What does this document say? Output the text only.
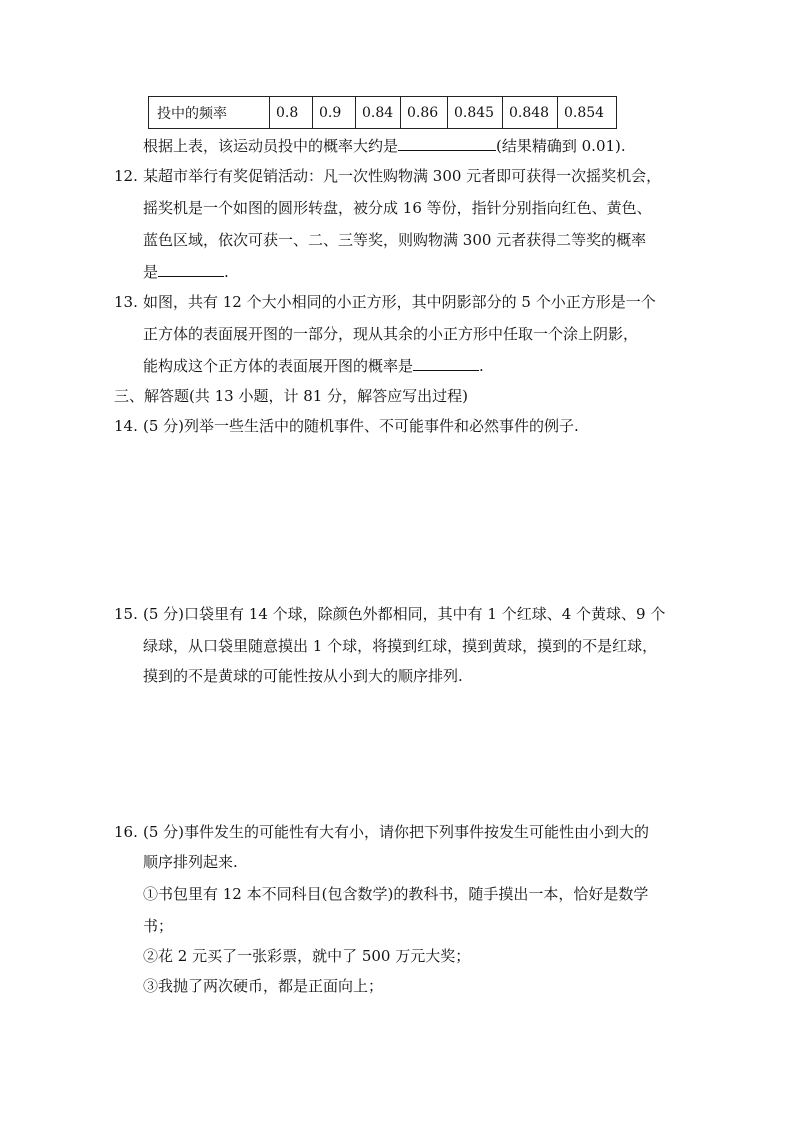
投中的频率	0.8	0.9	0.84	0.86	0.845	0.848	0.854
根据上表，该运动员投中的概率大约是	(结果精确到 0.01).
12. 某超市举行有奖促销活动：凡一次性购物满 300 元者即可获得一次摇奖机会，
摇奖机是一个如图的圆形转盘，被分成 16 等份，指针分别指向红色、黄色、
蓝色区域，依次可获一、二、三等奖，则购物满 300 元者获得二等奖的概率
是	.
13. 如图，共有 12 个大小相同的小正方形，其中阴影部分的 5 个小正方形是一个
正方体的表面展开图的一部分，现从其余的小正方形中任取一个涂上阴影，
能构成这个正方体的表面展开图的概率是	.
三、解答题(共 13 小题，计 81 分，解答应写出过程)
14. (5 分)列举一些生活中的随机事件、不可能事件和必然事件的例子.
15. (5 分)口袋里有 14 个球，除颜色外都相同，其中有 1 个红球、4 个黄球、9 个
绿球，从口袋里随意摸出 1 个球，将摸到红球，摸到黄球，摸到的不是红球，
摸到的不是黄球的可能性按从小到大的顺序排列.
16. (5 分)事件发生的可能性有大有小，请你把下列事件按发生可能性由小到大的
顺序排列起来.
①书包里有 12 本不同科目(包含数学)的教科书，随手摸出一本，恰好是数学
书；
②花 2 元买了一张彩票，就中了 500 万元大奖；
③我抛了两次硬币，都是正面向上；
